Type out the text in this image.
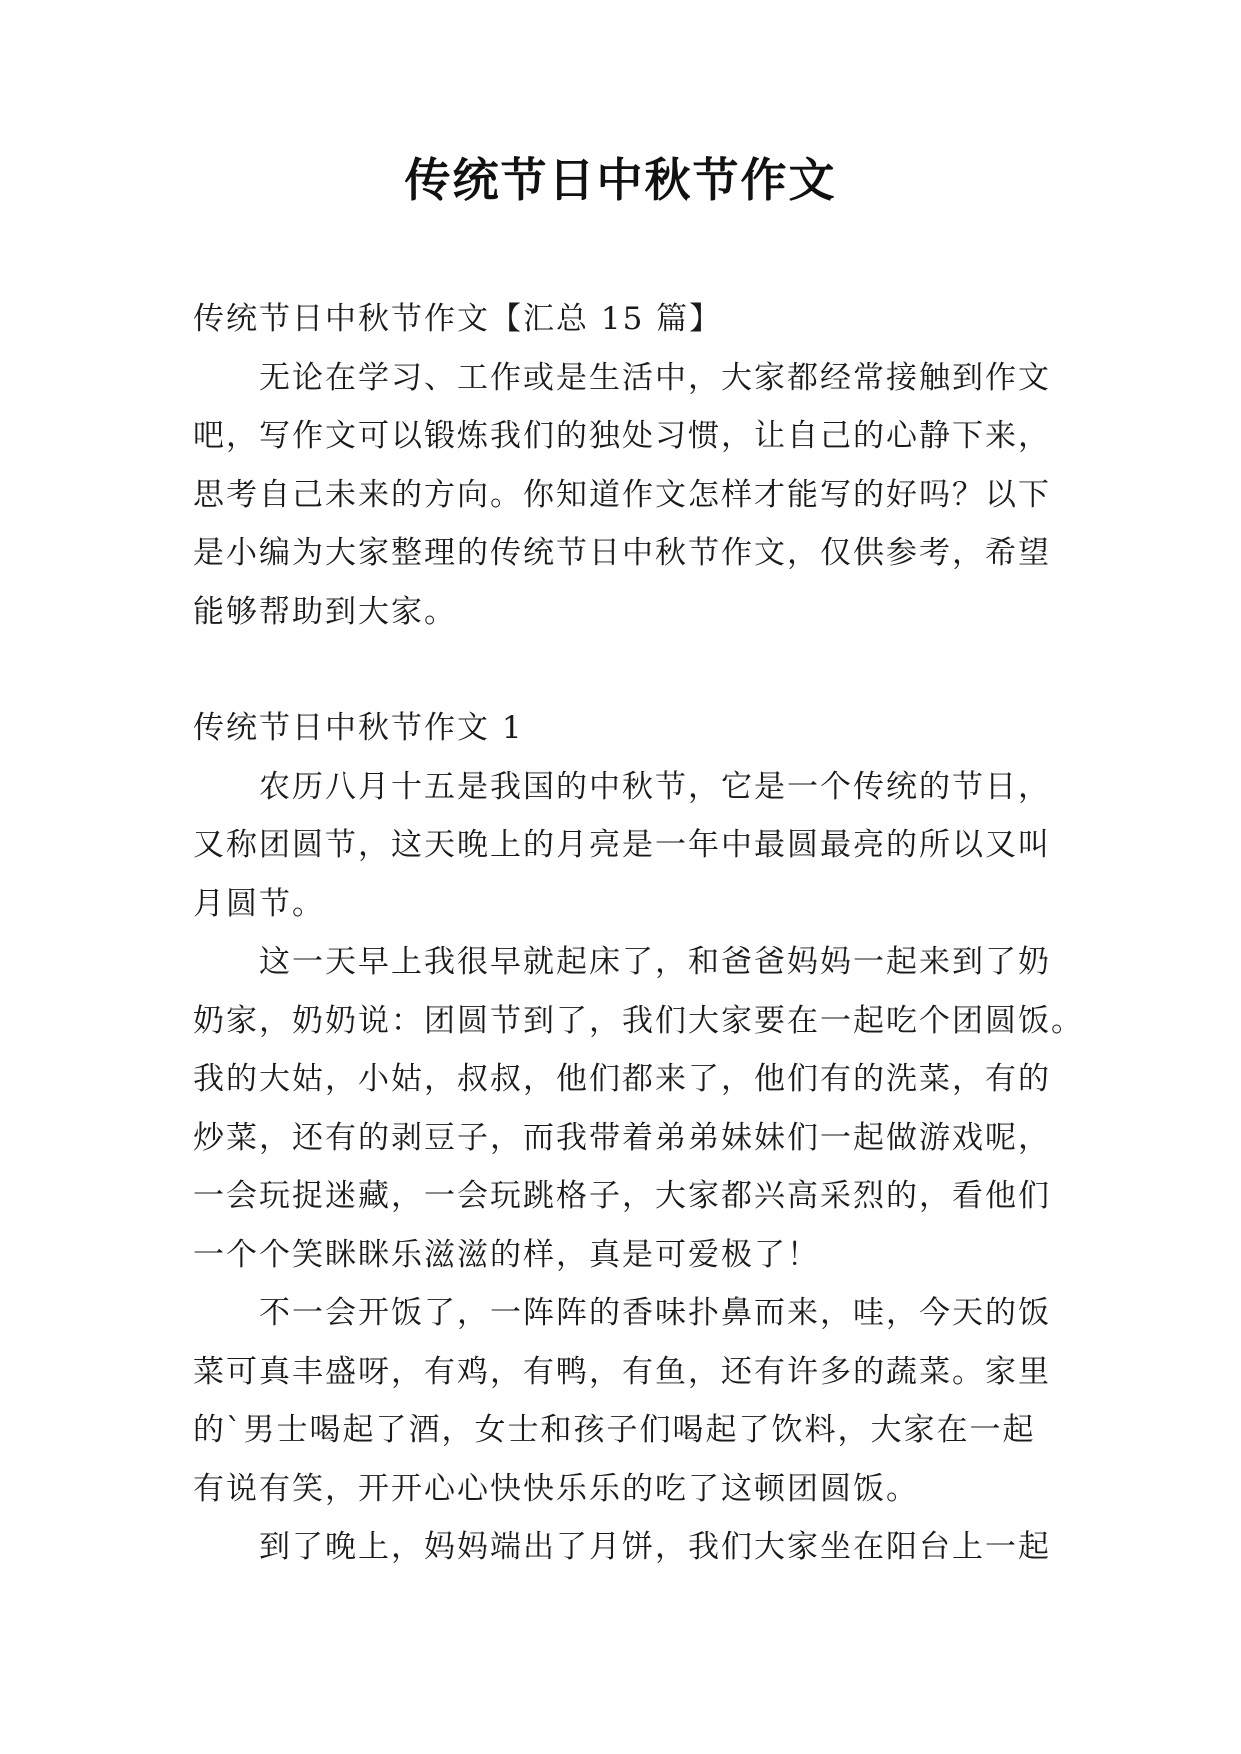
传统节日中秋节作文

传统节日中秋节作文【汇总 15 篇】

无论在学习、工作或是生活中，大家都经常接触到作文

吧，写作文可以锻炼我们的独处习惯，让自己的心静下来，

思考自己未来的方向。你知道作文怎样才能写的好吗？以下

是小编为大家整理的传统节日中秋节作文，仅供参考，希望

能够帮助到大家。

传统节日中秋节作文 1

农历八月十五是我国的中秋节，它是一个传统的节日，

又称团圆节，这天晚上的月亮是一年中最圆最亮的所以又叫

月圆节。

这一天早上我很早就起床了，和爸爸妈妈一起来到了奶

奶家，奶奶说：团圆节到了，我们大家要在一起吃个团圆饭。

我的大姑，小姑，叔叔，他们都来了，他们有的洗菜，有的

炒菜，还有的剥豆子，而我带着弟弟妹妹们一起做游戏呢，

一会玩捉迷藏，一会玩跳格子，大家都兴高采烈的，看他们

一个个笑眯眯乐滋滋的样，真是可爱极了！

不一会开饭了，一阵阵的香味扑鼻而来，哇，今天的饭

菜可真丰盛呀，有鸡，有鸭，有鱼，还有许多的蔬菜。家里

的`男士喝起了酒，女士和孩子们喝起了饮料，大家在一起

有说有笑，开开心心快快乐乐的吃了这顿团圆饭。

到了晚上，妈妈端出了月饼，我们大家坐在阳台上一起
